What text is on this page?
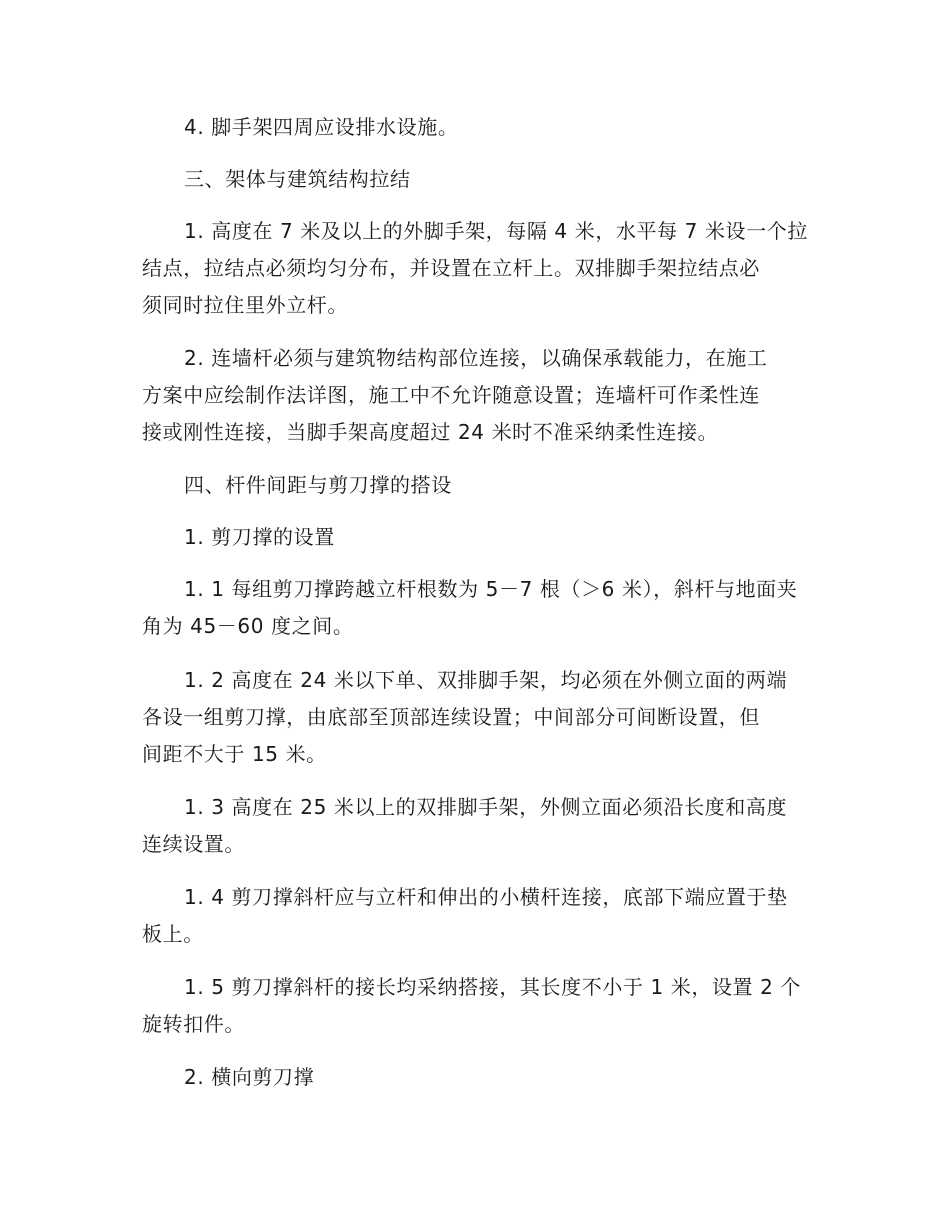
4. 脚手架四周应设排水设施。

三、架体与建筑结构拉结

1. 高度在 7 米及以上的外脚手架，每隔 4 米，水平每 7 米设一个拉
结点，拉结点必须均匀分布，并设置在立杆上。双排脚手架拉结点必
须同时拉住里外立杆。

2. 连墙杆必须与建筑物结构部位连接，以确保承载能力，在施工
方案中应绘制作法详图，施工中不允许随意设置；连墙杆可作柔性连
接或刚性连接，当脚手架高度超过 24 米时不准采纳柔性连接。

四、杆件间距与剪刀撑的搭设

1. 剪刀撑的设置

1. 1 每组剪刀撑跨越立杆根数为 5－7 根（＞6 米），斜杆与地面夹
角为 45－60 度之间。

1. 2 高度在 24 米以下单、双排脚手架，均必须在外侧立面的两端
各设一组剪刀撑，由底部至顶部连续设置；中间部分可间断设置，但
间距不大于 15 米。

1. 3 高度在 25 米以上的双排脚手架，外侧立面必须沿长度和高度
连续设置。

1. 4 剪刀撑斜杆应与立杆和伸出的小横杆连接，底部下端应置于垫
板上。

1. 5 剪刀撑斜杆的接长均采纳搭接，其长度不小于 1 米，设置 2 个
旋转扣件。

2. 横向剪刀撑
